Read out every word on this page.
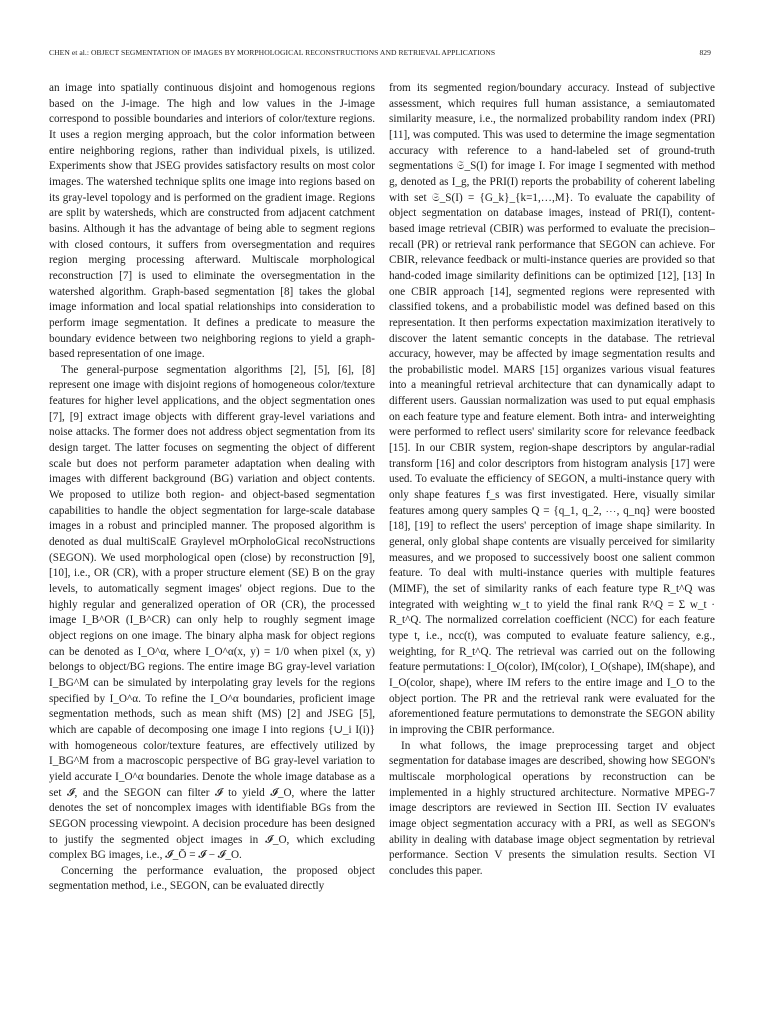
CHEN et al.: OBJECT SEGMENTATION OF IMAGES BY MORPHOLOGICAL RECONSTRUCTIONS AND RETRIEVAL APPLICATIONS	829

an image into spatially continuous disjoint and homogenous regions based on the J-image. The high and low values in the J-image correspond to possible boundaries and interiors of color/texture regions. It uses a region merging approach, but the color information between entire neighboring regions, rather than individual pixels, is utilized. Experiments show that JSEG provides satisfactory results on most color images. The watershed technique splits one image into regions based on its gray-level topology and is performed on the gradient image. Regions are split by watersheds, which are constructed from adjacent catchment basins. Although it has the advantage of being able to segment regions with closed contours, it suffers from oversegmentation and requires region merging processing afterward. Multiscale morphological reconstruction [7] is used to eliminate the oversegmentation in the watershed algorithm. Graph-based segmentation [8] takes the global image information and local spatial relationships into consideration to perform image segmentation. It defines a predicate to measure the boundary evidence between two neighboring regions to yield a graph-based representation of one image.

The general-purpose segmentation algorithms [2], [5], [6], [8] represent one image with disjoint regions of homogeneous color/texture features for higher level applications, and the object segmentation ones [7], [9] extract image objects with different gray-level variations and noise attacks. The former does not address object segmentation from its design target. The latter focuses on segmenting the object of different scale but does not perform parameter adaptation when dealing with images with different background (BG) variation and object contents. We proposed to utilize both region- and object-based segmentation capabilities to handle the object segmentation for large-scale database images in a robust and principled manner. The proposed algorithm is denoted as dual multiScalE Graylevel mOrpholoGical recoNstructions (SEGON). We used morphological open (close) by reconstruction [9], [10], i.e., OR (CR), with a proper structure element (SE) B on the gray levels, to automatically segment images' object regions. Due to the highly regular and generalized operation of OR (CR), the processed image I_B^OR (I_B^CR) can only help to roughly segment image object regions on one image. The binary alpha mask for object regions can be denoted as I_O^α, where I_O^α(x, y) = 1/0 when pixel (x, y) belongs to object/BG regions. The entire image BG gray-level variation I_BG^M can be simulated by interpolating gray levels for the regions specified by I_O^α. To refine the I_O^α boundaries, proficient image segmentation methods, such as mean shift (MS) [2] and JSEG [5], which are capable of decomposing one image I into regions {∪_i I(i)} with homogeneous color/texture features, are effectively utilized by I_BG^M from a macroscopic perspective of BG gray-level variation to yield accurate I_O^α boundaries. Denote the whole image database as a set 𝓘, and the SEGON can filter 𝓘 to yield 𝓘_O, where the latter denotes the set of noncomplex images with identifiable BGs from the SEGON processing viewpoint. A decision procedure has been designed to justify the segmented object images in 𝓘_O, which excluding complex BG images, i.e., 𝓘_Ō = 𝓘 − 𝓘_O.

Concerning the performance evaluation, the proposed object segmentation method, i.e., SEGON, can be evaluated directly

from its segmented region/boundary accuracy. Instead of subjective assessment, which requires full human assistance, a semiautomated similarity measure, i.e., the normalized probability random index (PRI) [11], was computed. This was used to determine the image segmentation accuracy with reference to a hand-labeled set of ground-truth segmentations 𝔖_S(I) for image I. For image I segmented with method g, denoted as I_g, the PRI(I) reports the probability of coherent labeling with set 𝔖_S(I) = {G_k}_{k=1,…,M}. To evaluate the capability of object segmentation on database images, instead of PRI(I), content-based image retrieval (CBIR) was performed to evaluate the precision–recall (PR) or retrieval rank performance that SEGON can achieve. For CBIR, relevance feedback or multi-instance queries are provided so that hand-coded image similarity definitions can be optimized [12], [13] In one CBIR approach [14], segmented regions were represented with classified tokens, and a probabilistic model was defined based on this representation. It then performs expectation maximization iteratively to discover the latent semantic concepts in the database. The retrieval accuracy, however, may be affected by image segmentation results and the probabilistic model. MARS [15] organizes various visual features into a meaningful retrieval architecture that can dynamically adapt to different users. Gaussian normalization was used to put equal emphasis on each feature type and feature element. Both intra- and interweighting were performed to reflect users' similarity score for relevance feedback [15]. In our CBIR system, region-shape descriptors by angular-radial transform [16] and color descriptors from histogram analysis [17] were used. To evaluate the efficiency of SEGON, a multi-instance query with only shape features f_s was first investigated. Here, visually similar features among query samples Q = {q_1, q_2, ⋯, q_nq} were boosted [18], [19] to reflect the users' perception of image shape similarity. In general, only global shape contents are visually perceived for similarity measures, and we proposed to successively boost one salient common feature. To deal with multi-instance queries with multiple features (MIMF), the set of similarity ranks of each feature type R_t^Q was integrated with weighting w_t to yield the final rank R^Q = Σ w_t · R_t^Q. The normalized correlation coefficient (NCC) for each feature type t, i.e., ncc(t), was computed to evaluate feature saliency, e.g., weighting, for R_t^Q. The retrieval was carried out on the following feature permutations: I_O(color), IM(color), I_O(shape), IM(shape), and I_O(color, shape), where IM refers to the entire image and I_O to the object portion. The PR and the retrieval rank were evaluated for the aforementioned feature permutations to demonstrate the SEGON ability in improving the CBIR performance.

In what follows, the image preprocessing target and object segmentation for database images are described, showing how SEGON's multiscale morphological operations by reconstruction can be implemented in a highly structured architecture. Normative MPEG-7 image descriptors are reviewed in Section III. Section IV evaluates image object segmentation accuracy with a PRI, as well as SEGON's ability in dealing with database image object segmentation by retrieval performance. Section V presents the simulation results. Section VI concludes this paper.
